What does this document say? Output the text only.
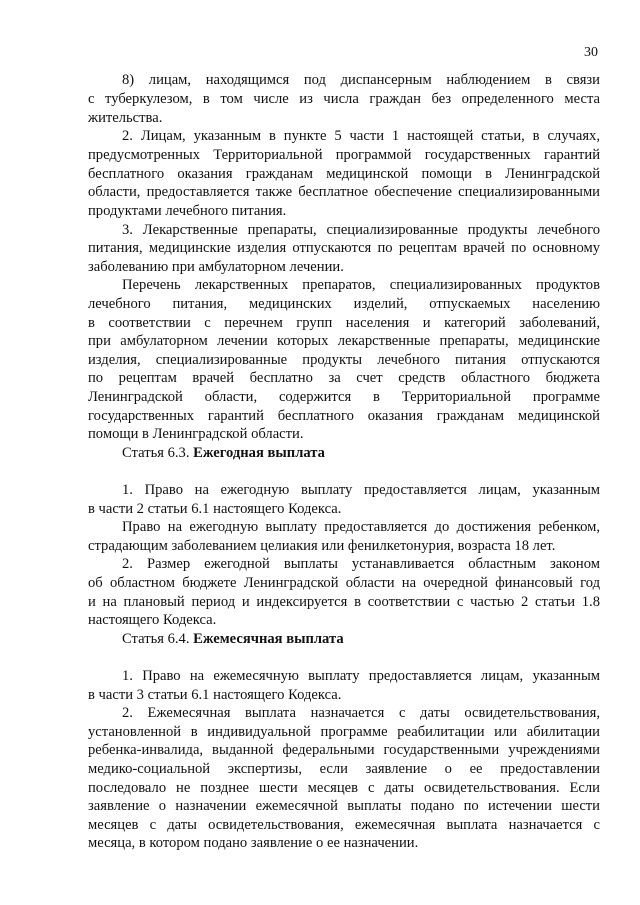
30
8) лицам, находящимся под диспансерным наблюдением в связи
с туберкулезом, в том числе из числа граждан без определенного места
жительства.
2. Лицам, указанным в пункте 5 части 1 настоящей статьи, в случаях,
предусмотренных Территориальной программой государственных гарантий
бесплатного оказания гражданам медицинской помощи в Ленинградской
области, предоставляется также бесплатное обеспечение специализированными
продуктами лечебного питания.
3. Лекарственные препараты, специализированные продукты лечебного
питания, медицинские изделия отпускаются по рецептам врачей по основному
заболеванию при амбулаторном лечении.
Перечень лекарственных препаратов, специализированных продуктов
лечебного питания, медицинских изделий, отпускаемых населению
в соответствии с перечнем групп населения и категорий заболеваний,
при амбулаторном лечении которых лекарственные препараты, медицинские
изделия, специализированные продукты лечебного питания отпускаются
по рецептам врачей бесплатно за счет средств областного бюджета
Ленинградской области, содержится в Территориальной программе
государственных гарантий бесплатного оказания гражданам медицинской
помощи в Ленинградской области.
1. Право на ежегодную выплату предоставляется лицам, указанным
в части 2 статьи 6.1 настоящего Кодекса.
Право на ежегодную выплату предоставляется до достижения ребенком,
страдающим заболеванием целиакия или фенилкетонурия, возраста 18 лет.
2. Размер ежегодной выплаты устанавливается областным законом
об областном бюджете Ленинградской области на очередной финансовый год
и на плановый период и индексируется в соответствии с частью 2 статьи 1.8
настоящего Кодекса.
1. Право на ежемесячную выплату предоставляется лицам, указанным
в части 3 статьи 6.1 настоящего Кодекса.
2. Ежемесячная выплата назначается с даты освидетельствования,
установленной в индивидуальной программе реабилитации или абилитации
ребенка-инвалида, выданной федеральными государственными учреждениями
медико-социальной экспертизы, если заявление о ее предоставлении
последовало не позднее шести месяцев с даты освидетельствования. Если
заявление о назначении ежемесячной выплаты подано по истечении шести
месяцев с даты освидетельствования, ежемесячная выплата назначается с
месяца, в котором подано заявление о ее назначении.
Статья 6.3. Ежегодная выплата
Статья 6.4. Ежемесячная выплата
